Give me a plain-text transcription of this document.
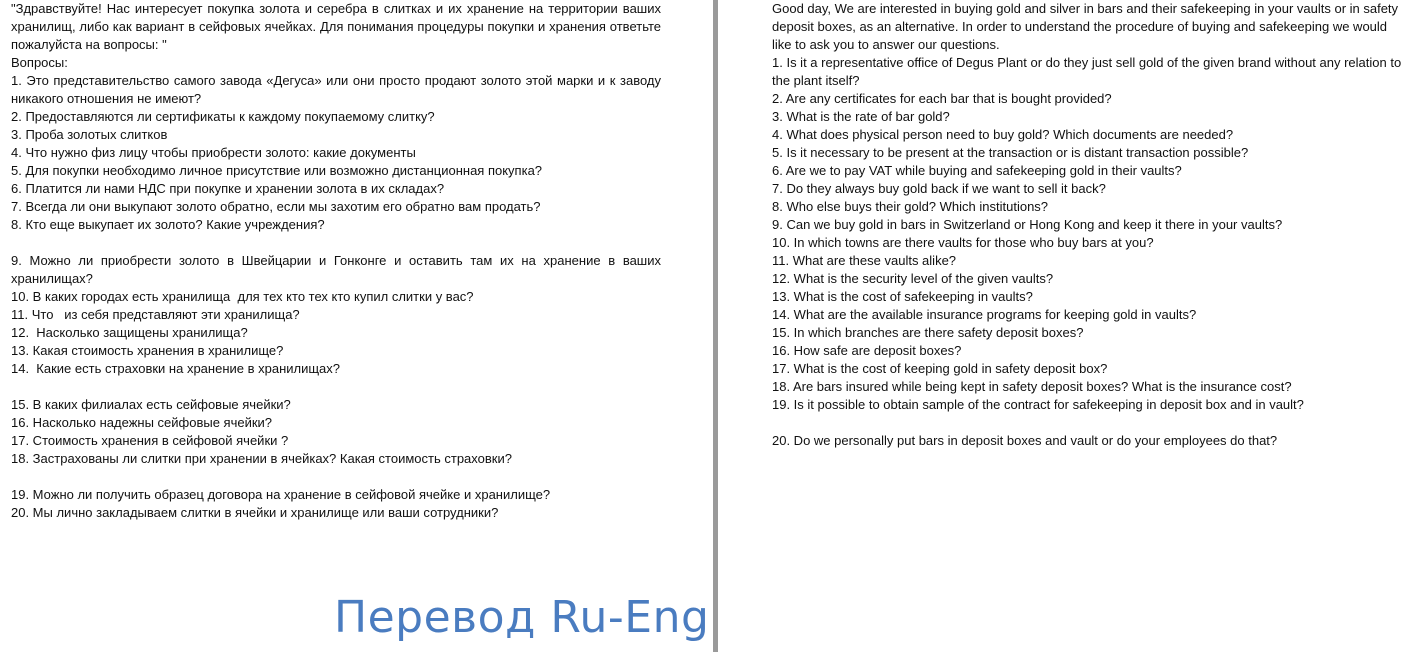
"Здравствуйте! Нас интересует покупка золота и серебра в слитках и их хранение на территории ваших хранилищ, либо как вариант в сейфовых ячейках. Для понимания процедуры покупки и хранения ответьте пожалуйста на вопросы: "

Вопросы:

1. Это представительство самого завода «Дегуса» или они просто продают золото этой марки и к заводу никакого отношения не имеют?

2. Предоставляются ли сертификаты к каждому покупаемому слитку?

3. Проба золотых слитков

4. Что нужно физ лицу чтобы приобрести золото: какие документы

5. Для покупки необходимо личное присутствие или возможно дистанционная покупка?

6. Платится ли нами НДС при покупке и хранении золота в их складах?

7. Всегда ли они выкупают золото обратно, если мы захотим его обратно вам продать?

8. Кто еще выкупает их золото? Какие учреждения?

9. Можно ли приобрести золото в Швейцарии и Гонконге и оставить там их на хранение в ваших хранилищах?

10. В каких городах есть хранилища  для тех кто тех кто купил слитки у вас?

11. Что   из себя представляют эти хранилища?

12.  Насколько защищены хранилища?

13. Какая стоимость хранения в хранилище?

14.  Какие есть страховки на хранение в хранилищах?

15. В каких филиалах есть сейфовые ячейки?

16. Насколько надежны сейфовые ячейки?

17. Стоимость хранения в сейфовой ячейки ?

18. Застрахованы ли слитки при хранении в ячейках? Какая стоимость страховки?

19. Можно ли получить образец договора на хранение в сейфовой ячейке и хранилище?

20. Мы лично закладываем слитки в ячейки и хранилище или ваши сотрудники?

Good day, We are interested in buying gold and silver in bars and their safekeeping in your vaults or in safety deposit boxes, as an alternative. In order to understand the procedure of buying and safekeeping we would like to ask you to answer our questions.

1. Is it a representative office of Degus Plant or do they just sell gold of the given brand without any relation to the plant itself?

2. Are any certificates for each bar that is bought provided?

3. What is the rate of bar gold?

4. What does physical person need to buy gold? Which documents are needed?

5. Is it necessary to be present at the transaction or is distant transaction possible?

6. Are we to pay VAT while buying and safekeeping gold in their vaults?

7. Do they always buy gold back if we want to sell it back?

8. Who else buys their gold? Which institutions?

9. Can we buy gold in bars in Switzerland or Hong Kong and keep it there in your vaults?

10. In which towns are there vaults for those who buy bars at you?

11. What are these vaults alike?

12. What is the security level of the given vaults?

13. What is the cost of safekeeping in vaults?

14. What are the available insurance programs for keeping gold in vaults?

15. In which branches are there safety deposit boxes?

16. How safe are deposit boxes?

17. What is the cost of keeping gold in safety deposit box?

18. Are bars insured while being kept in safety deposit boxes? What is the insurance cost?

19. Is it possible to obtain sample of the contract for safekeeping in deposit box and in vault?

20. Do we personally put bars in deposit boxes and vault or do your employees do that?

Перевод Ru-Eng
